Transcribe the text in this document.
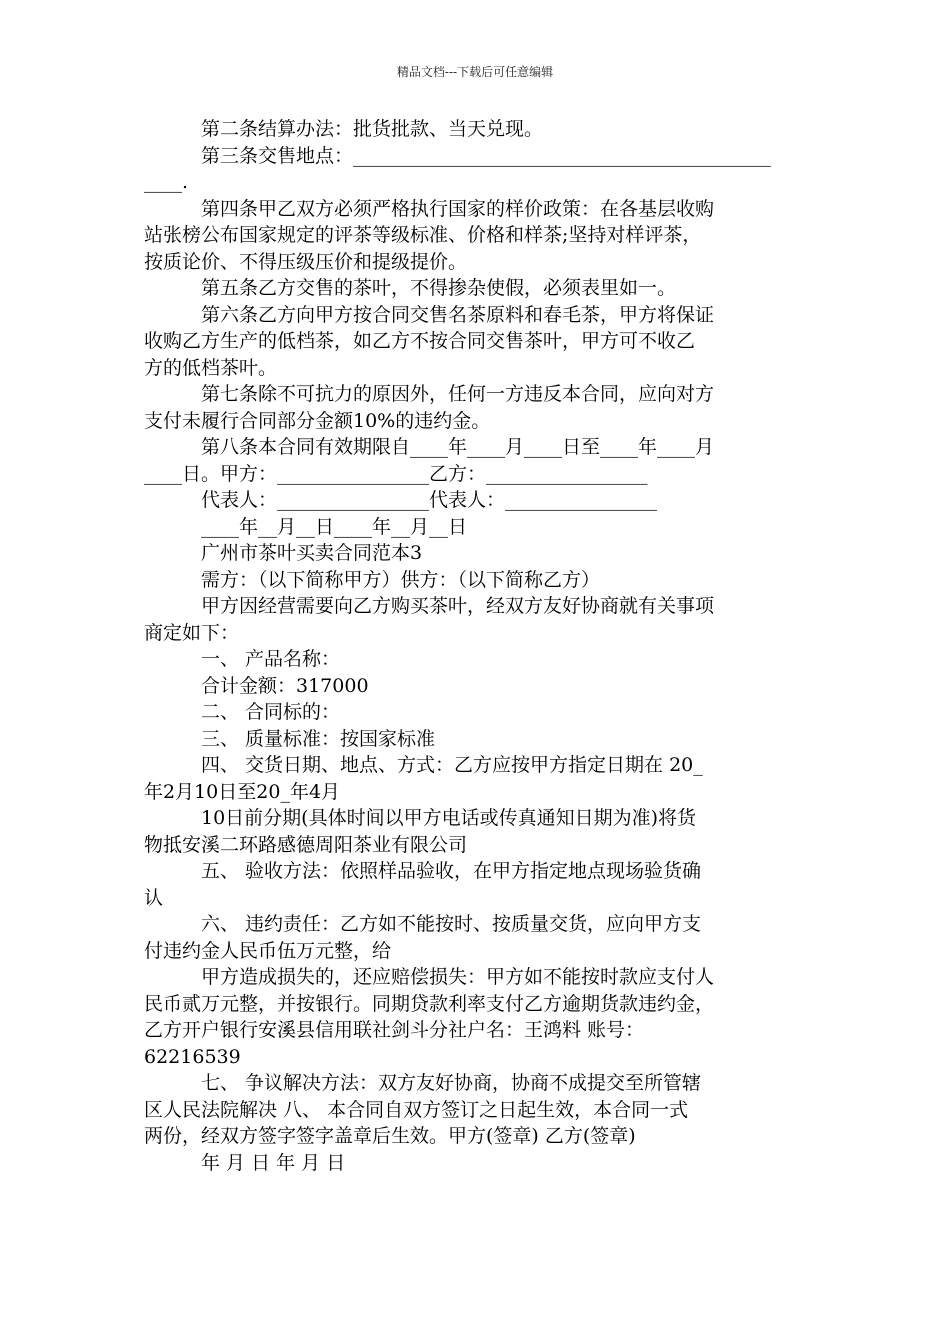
精品文档---下载后可任意编辑
第二条结算办法：批货批款、当天兑现。
第三条交售地点：____________________________________________
____.
第四条甲乙双方必须严格执行国家的样价政策：在各基层收购
站张榜公布国家规定的评茶等级标准、价格和样茶;坚持对样评茶，
按质论价、不得压级压价和提级提价。
第五条乙方交售的茶叶，不得掺杂使假，必须表里如一。
第六条乙方向甲方按合同交售名茶原料和春毛茶，甲方将保证
收购乙方生产的低档茶，如乙方不按合同交售茶叶，甲方可不收乙
方的低档茶叶。
第七条除不可抗力的原因外，任何一方违反本合同，应向对方
支付未履行合同部分金额10%的违约金。
第八条本合同有效期限自____年____月____日至____年____月
____日。甲方：________________乙方：_________________
代表人：________________代表人：________________
____年__月__日____年__月__日
广州市茶叶买卖合同范本3
需方：（以下简称甲方）供方：（以下简称乙方）
甲方因经营需要向乙方购买茶叶，经双方友好协商就有关事项
商定如下：
一、 产品名称：
合计金额：317000
二、 合同标的：
三、 质量标准：按国家标准
四、 交货日期、地点、方式：乙方应按甲方指定日期在 20_
年2月10日至20_年4月
10日前分期(具体时间以甲方电话或传真通知日期为准)将货
物抵安溪二环路感德周阳茶业有限公司
五、 验收方法：依照样品验收，在甲方指定地点现场验货确
认
六、 违约责任：乙方如不能按时、按质量交货，应向甲方支
付违约金人民币伍万元整，给
甲方造成损失的，还应赔偿损失：甲方如不能按时款应支付人
民币贰万元整，并按银行。同期贷款利率支付乙方逾期货款违约金，
乙方开户银行安溪县信用联社剑斗分社户名：王鸿料 账号：
62216539
七、 争议解决方法：双方友好协商，协商不成提交至所管辖
区人民法院解决 八、 本合同自双方签订之日起生效，本合同一式
两份，经双方签字签字盖章后生效。甲方(签章) 乙方(签章)
年 月 日 年 月 日
